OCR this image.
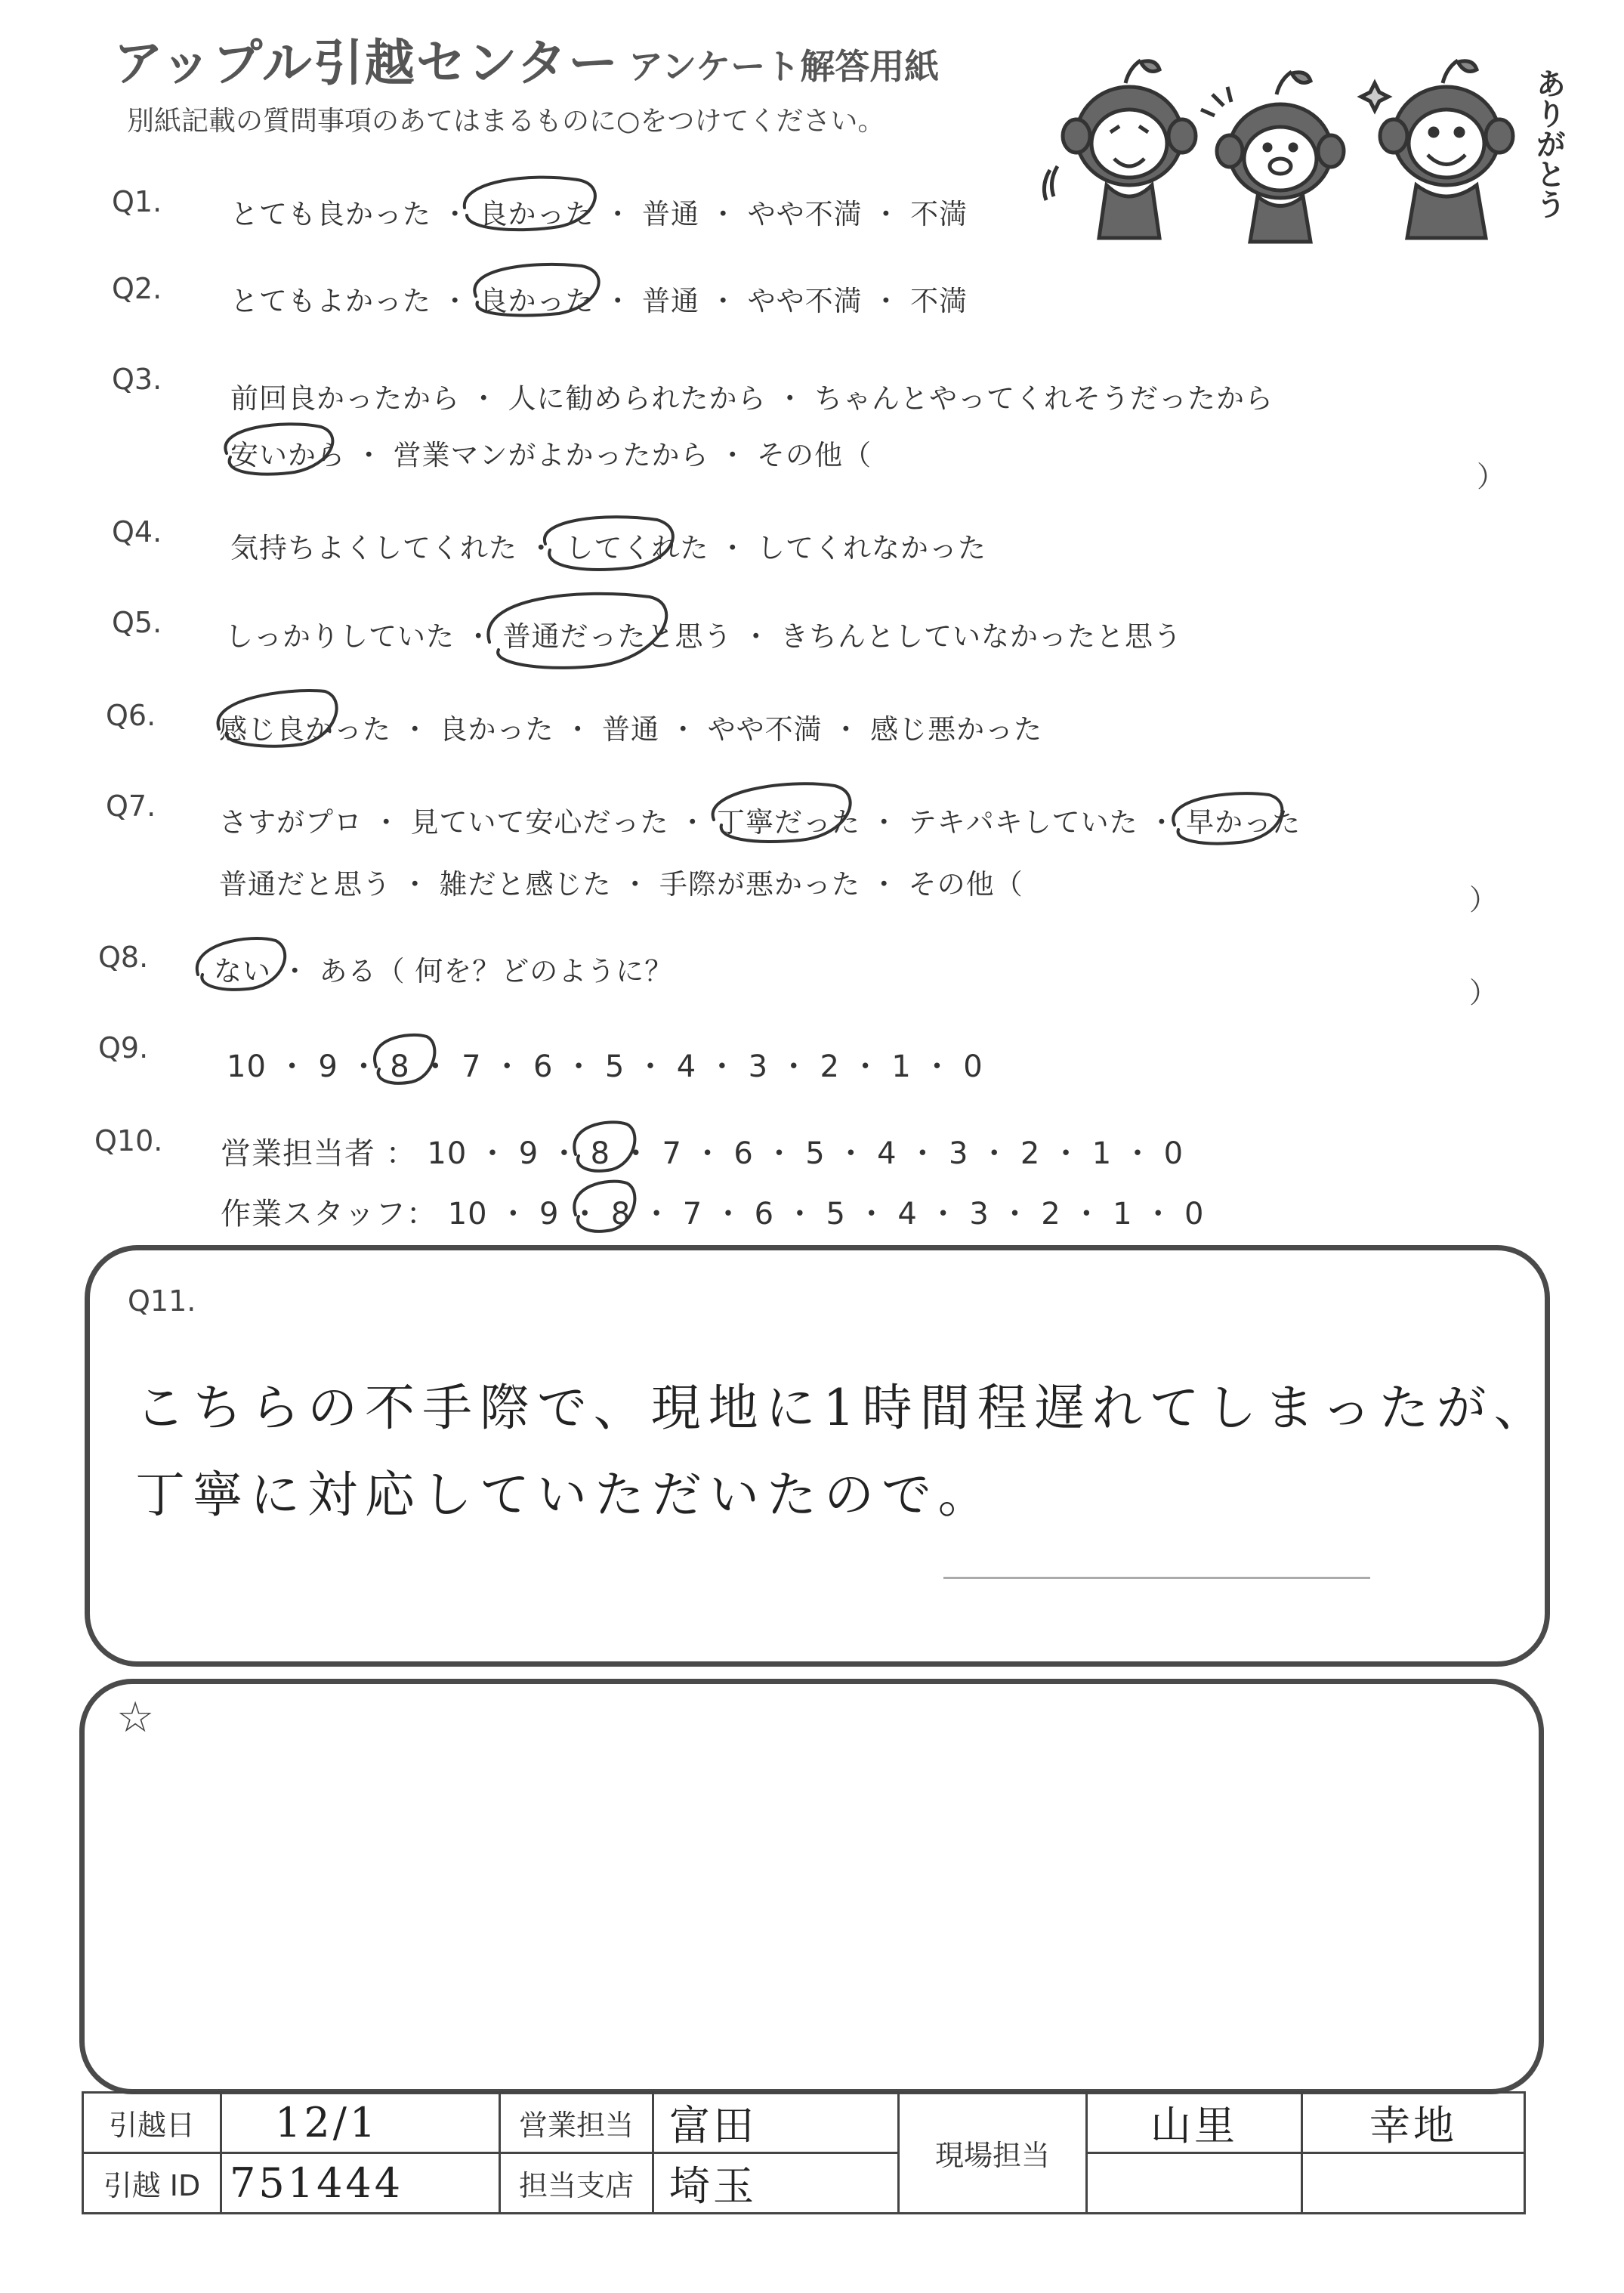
アップル引越センター アンケート解答用紙
別紙記載の質問事項のあてはまるものに○をつけてください。	ありがとう
Q1. とても良かった ・ 良かった ・ 普通 ・ やや不満 ・ 不満
Q2. とてもよかった ・ 良かった ・ 普通 ・ やや不満 ・ 不満
Q3.
前回良かったから ・ 人に勧められたから ・ ちゃんとやってくれそうだったから
安いから ・ 営業マンがよかったから ・ その他（
）
Q4. 気持ちよくしてくれた ・ してくれた ・ してくれなかった
Q5. しっかりしていた ・ 普通だったと思う ・ きちんとしていなかったと思う
Q6. 感じ良かった ・ 良かった ・ 普通 ・ やや不満 ・ 感じ悪かった
Q7. さすがプロ ・ 見ていて安心だった ・ 丁寧だった ・ テキパキしていた ・ 早かった
普通だと思う ・ 雑だと感じた ・ 手際が悪かった ・ その他（	）
Q8. ない ・ ある（ 何を？どのように？
）
Q9.
10 ・ 9 ・ 8 ・ 7 ・ 6 ・ 5 ・ 4 ・ 3 ・ 2 ・ 1 ・ 0
Q10. 営業担当者 ： 10 ・ 9 ・ 8 ・ 7 ・ 6 ・ 5 ・ 4 ・ 3 ・ 2 ・ 1 ・ 0
作業スタッフ： 10 ・ 9 ・ 8 ・ 7 ・ 6 ・ 5 ・ 4 ・ 3 ・ 2 ・ 1 ・ 0
Q11.
こちらの不手際で、現地に1時間程遅れてしまったが、
丁寧に対応していただいたので。
☆
引越日	12/1	営業担当	富田	現場担当	山里	幸地
引越 ID	751444	担当支店	埼玉			
